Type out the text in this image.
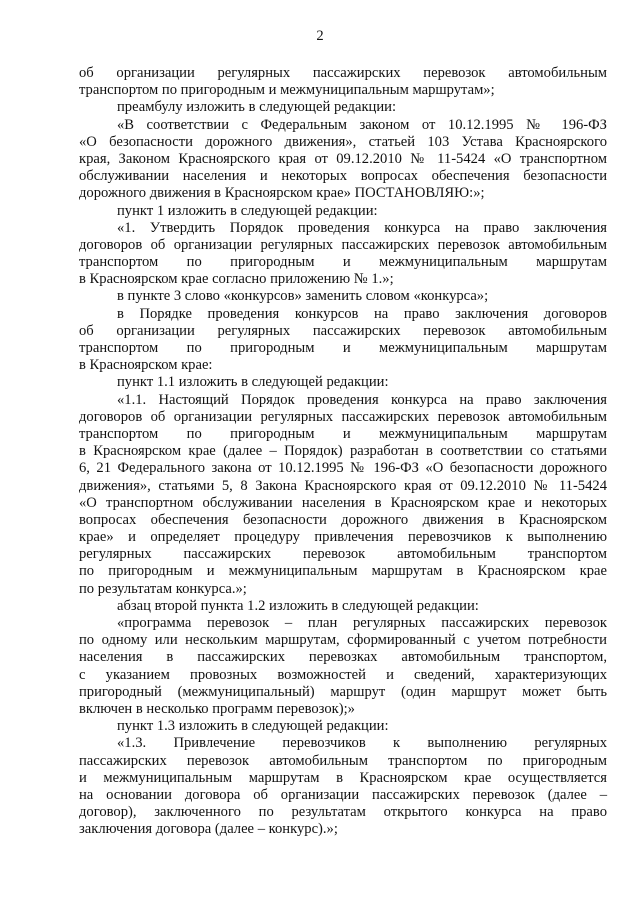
2
об организации регулярных пассажирских перевозок автомобильным
транспортом по пригородным и межмуниципальным маршрутам»;
преамбулу изложить в следующей редакции:
«В соответствии с Федеральным законом от 10.12.1995 № 196-ФЗ
«О безопасности дорожного движения», статьей 103 Устава Красноярского
края, Законом Красноярского края от 09.12.2010 № 11-5424 «О транспортном
обслуживании населения и некоторых вопросах обеспечения безопасности
дорожного движения в Красноярском крае» ПОСТАНОВЛЯЮ:»;
пункт 1 изложить в следующей редакции:
«1. Утвердить Порядок проведения конкурса на право заключения
договоров об организации регулярных пассажирских перевозок автомобильным
транспортом по пригородным и межмуниципальным маршрутам
в Красноярском крае согласно приложению № 1.»;
в пункте 3 слово «конкурсов» заменить словом «конкурса»;
в Порядке проведения конкурсов на право заключения договоров
об организации регулярных пассажирских перевозок автомобильным
транспортом по пригородным и межмуниципальным маршрутам
в Красноярском крае:
пункт 1.1 изложить в следующей редакции:
«1.1. Настоящий Порядок проведения конкурса на право заключения
договоров об организации регулярных пассажирских перевозок автомобильным
транспортом по пригородным и межмуниципальным маршрутам
в Красноярском крае (далее – Порядок) разработан в соответствии со статьями
6, 21 Федерального закона от 10.12.1995 № 196-ФЗ «О безопасности дорожного
движения», статьями 5, 8 Закона Красноярского края от 09.12.2010 № 11-5424
«О транспортном обслуживании населения в Красноярском крае и некоторых
вопросах обеспечения безопасности дорожного движения в Красноярском
крае» и определяет процедуру привлечения перевозчиков к выполнению
регулярных пассажирских перевозок автомобильным транспортом
по пригородным и межмуниципальным маршрутам в Красноярском крае
по результатам конкурса.»;
абзац второй пункта 1.2 изложить в следующей редакции:
«программа перевозок – план регулярных пассажирских перевозок
по одному или нескольким маршрутам, сформированный с учетом потребности
населения в пассажирских перевозках автомобильным транспортом,
с указанием провозных возможностей и сведений, характеризующих
пригородный (межмуниципальный) маршрут (один маршрут может быть
включен в несколько программ перевозок);»
пункт 1.3 изложить в следующей редакции:
«1.3. Привлечение перевозчиков к выполнению регулярных
пассажирских перевозок автомобильным транспортом по пригородным
и межмуниципальным маршрутам в Красноярском крае осуществляется
на основании договора об организации пассажирских перевозок (далее –
договор), заключенного по результатам открытого конкурса на право
заключения договора (далее – конкурс).»;
